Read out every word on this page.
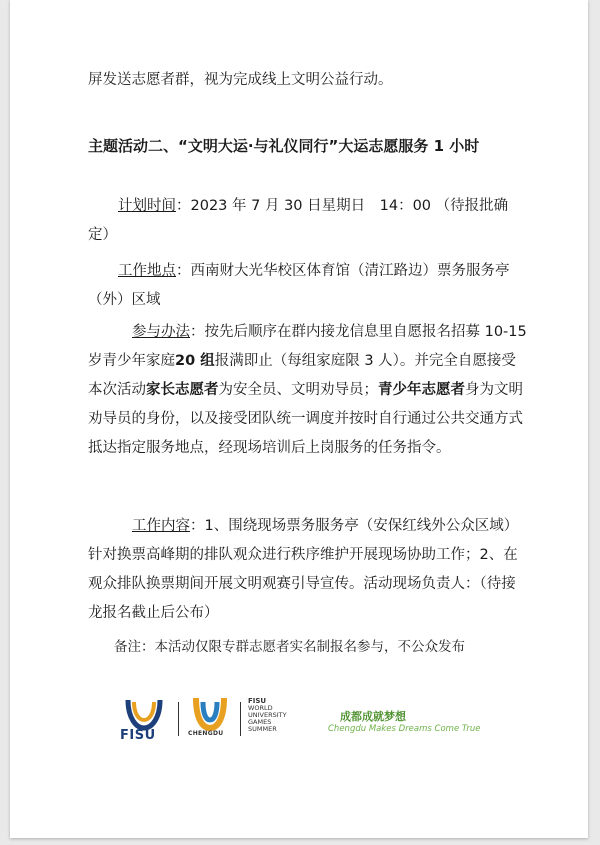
屏发送志愿者群，视为完成线上文明公益行动。

主题活动二、“文明大运·与礼仪同行”大运志愿服务 1 小时

计划时间：2023 年 7 月 30 日星期日　14：00 （待报批确定）

工作地点：西南财大光华校区体育馆（清江路边）票务服务亭（外）区域

参与办法：按先后顺序在群内接龙信息里自愿报名招募 10-15 岁青少年家庭20 组报满即止（每组家庭限 3 人）。并完全自愿接受本次活动家长志愿者为安全员、文明劝导员；青少年志愿者身为文明劝导员的身份，以及接受团队统一调度并按时自行通过公共交通方式抵达指定服务地点，经现场培训后上岗服务的任务指令。

工作内容：1、围绕现场票务服务亭（安保红线外公众区域）针对换票高峰期的排队观众进行秩序维护开展现场协助工作；2、在观众排队换票期间开展文明观赛引导宣传。活动现场负责人：（待接龙报名截止后公布）

备注：本活动仅限专群志愿者实名制报名参与，不公众发布

FISU	CHENGDU
FISU
WORLD
UNIVERSITY
GAMES
SUMMER
成都成就梦想
Chengdu Makes Dreams Come True
